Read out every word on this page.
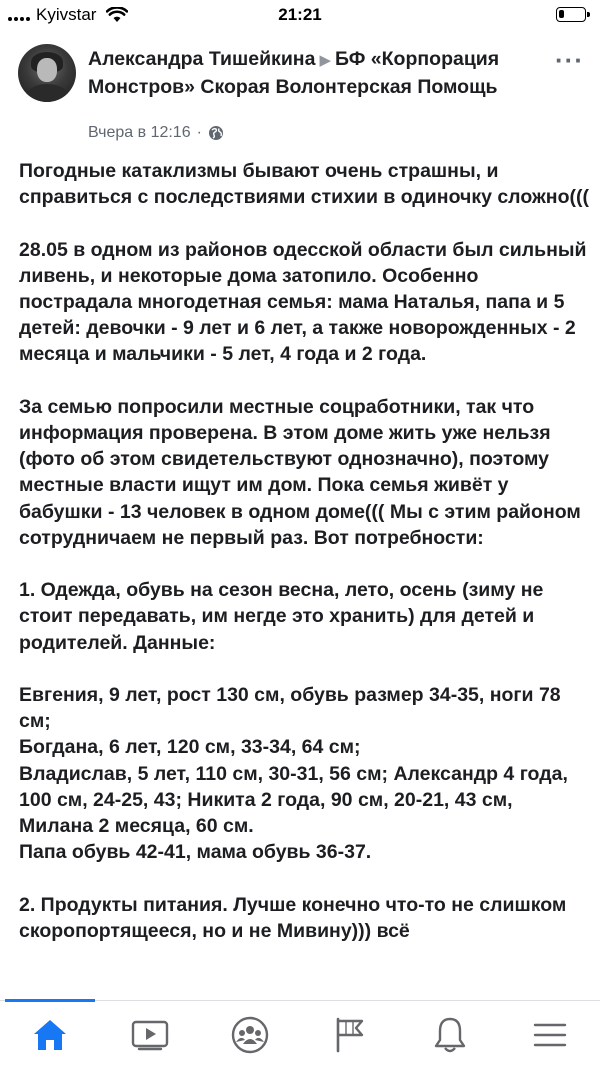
Kyivstar	21:21
Александра Тишейкина ▶ БФ «Корпорация Монстров» Скорая Волонтерская Помощь
···
Вчера в 12:16 ·

Погодные катаклизмы бывают очень страшны, и справиться с последствиями стихии в одиночку сложно(((

28.05 в одном из районов одесской области был сильный ливень, и некоторые дома затопило. Особенно пострадала многодетная семья: мама Наталья, папа и 5 детей: девочки - 9 лет и 6 лет, а также новорожденных - 2 месяца и мальчики - 5 лет, 4 года и 2 года.

За семью попросили местные соцработники, так что информация проверена. В этом доме жить уже нельзя (фото об этом свидетельствуют однозначно), поэтому местные власти ищут им дом. Пока семья живёт у бабушки - 13 человек в одном доме((( Мы с этим районом сотрудничаем не первый раз. Вот потребности:

1. Одежда, обувь на сезон весна, лето, осень (зиму не стоит передавать, им негде это хранить) для детей и родителей. Данные:

Евгения, 9 лет, рост 130 см, обувь размер 34-35, ноги 78 см;
Богдана, 6 лет, 120 см, 33-34, 64 см;
Владислав, 5 лет, 110 см, 30-31, 56 см; Александр 4 года, 100 см, 24-25, 43; Никита 2 года, 90 см, 20-21, 43 см, Милана 2 месяца, 60 см.
Папа обувь 42-41, мама обувь 36-37.

2. Продукты питания. Лучше конечно что-то не слишком скоропортящееся, но и не Мивину))) всё
